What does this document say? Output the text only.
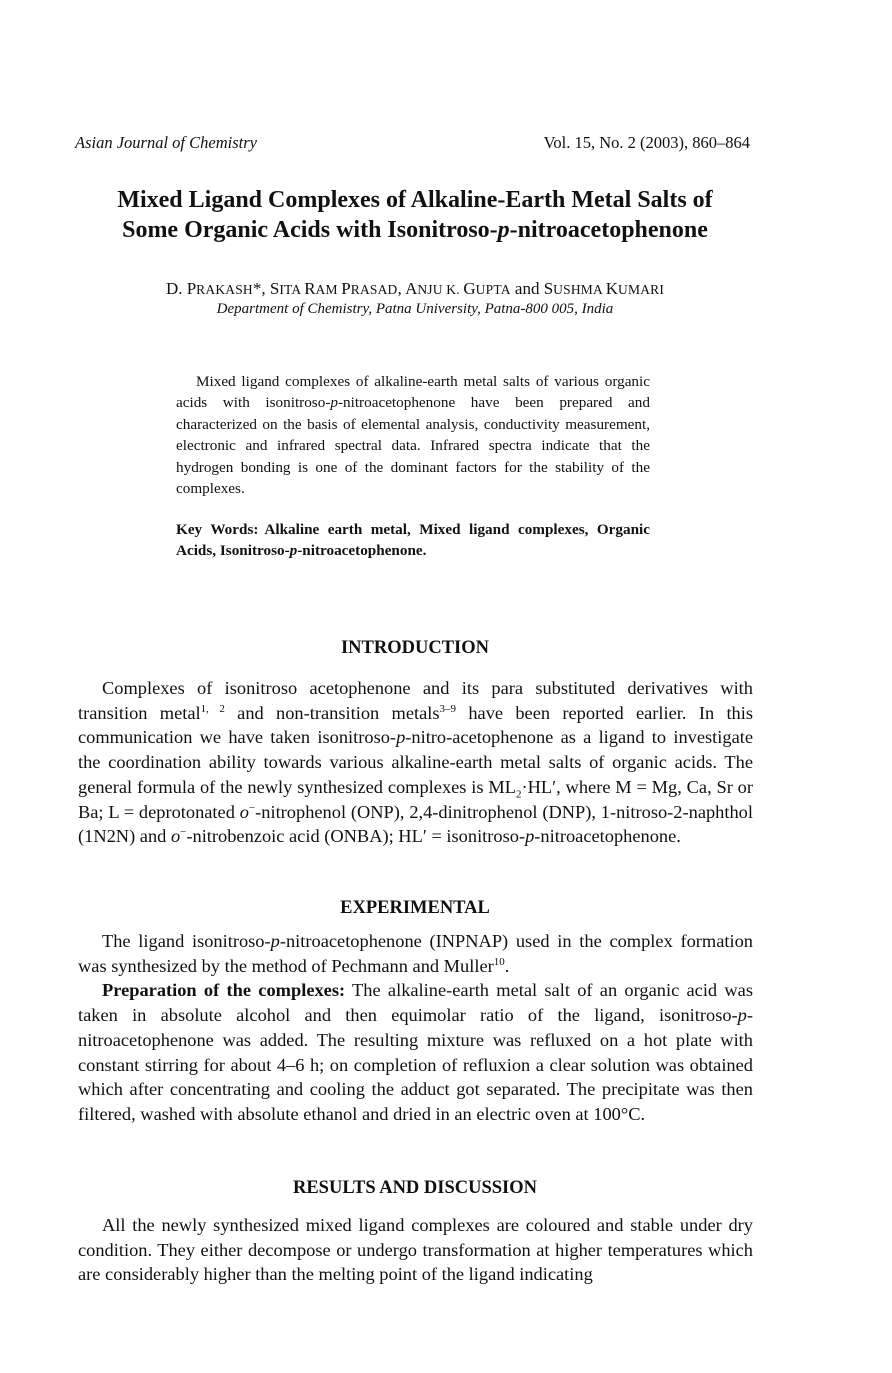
Asian Journal of Chemistry	Vol. 15, No. 2 (2003), 860–864
Mixed Ligand Complexes of Alkaline-Earth Metal Salts of
Some Organic Acids with Isonitroso-p-nitroacetophenone
D. PRAKASH*, SITA RAM PRASAD, ANJU K. GUPTA and SUSHMA KUMARI
Department of Chemistry, Patna University, Patna-800 005, India

Mixed ligand complexes of alkaline-earth metal salts of various organic acids with isonitroso-p-nitroacetophenone have been prepared and characterized on the basis of elemental analysis, conductivity measurement, electronic and infrared spectral data. Infrared spectra indicate that the hydrogen bonding is one of the dominant factors for the stability of the complexes.

Key Words: Alkaline earth metal, Mixed ligand complexes, Organic Acids, Isonitroso-p-nitroacetophenone.
INTRODUCTION

Complexes of isonitroso acetophenone and its para substituted derivatives with transition metal$^{1, 2}$ and non-transition metals$^{3-9}$ have been reported earlier. In this communication we have taken isonitroso-p-nitro-acetophenone as a ligand to investigate the coordination ability towards various alkaline-earth metal salts of organic acids. The general formula of the newly synthesized complexes is $ML_2\cdot HL'$, where M = Mg, Ca, Sr or Ba; L = deprotonated o−-nitrophenol (ONP), 2,4-dinitrophenol (DNP), 1-nitroso-2-naphthol (1N2N) and o−-nitrobenzoic acid (ONBA); HL′ = isonitroso-p-nitroacetophenone.

EXPERIMENTAL

The ligand isonitroso-p-nitroacetophenone (INPNAP) used in the complex formation was synthesized by the method of Pechmann and Muller$^{10}$.

Preparation of the complexes: The alkaline-earth metal salt of an organic acid was taken in absolute alcohol and then equimolar ratio of the ligand, isonitroso-p-nitroacetophenone was added. The resulting mixture was refluxed on a hot plate with constant stirring for about 4–6 h; on completion of refluxion a clear solution was obtained which after concentrating and cooling the adduct got separated. The precipitate was then filtered, washed with absolute ethanol and dried in an electric oven at 100°C.

RESULTS AND DISCUSSION

All the newly synthesized mixed ligand complexes are coloured and stable under dry condition. They either decompose or undergo transformation at higher temperatures which are considerably higher than the melting point of the ligand indicating
